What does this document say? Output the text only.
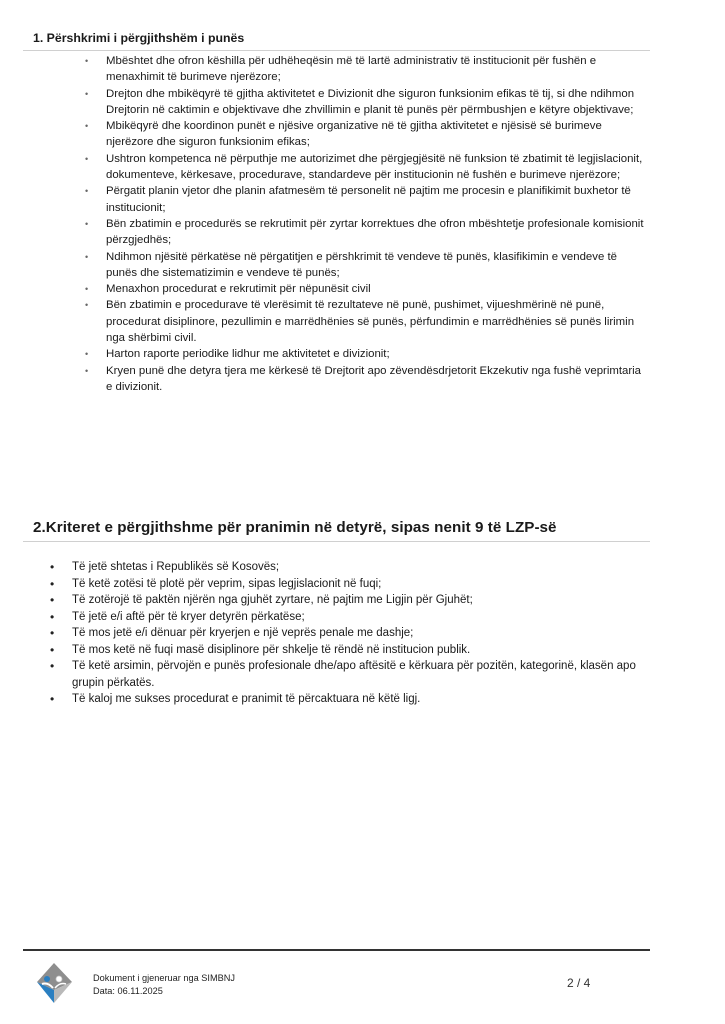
1. Përshkrimi i përgjithshëm i punës
• Mbështet dhe ofron këshilla për udhëheqësin më të lartë administrativ të institucionit për fushën e menaxhimit të burimeve njerëzore;
• Drejton dhe mbikëqyrë të gjitha aktivitetet e Divizionit dhe siguron funksionim efikas të tij, si dhe ndihmon Drejtorin në caktimin e objektivave dhe zhvillimin e planit të punës për përmbushjen e këtyre objektivave;
• Mbikëqyrë dhe koordinon punët e njësive organizative në të gjitha aktivitetet e njësisë së burimeve njerëzore dhe siguron funksionim efikas;
• Ushtron kompetenca në përputhje me autorizimet dhe përgjegjësitë në funksion të zbatimit të legjislacionit, dokumenteve, kërkesave, procedurave, standardeve për institucionin në fushën e burimeve njerëzore;
• Përgatit planin vjetor dhe planin afatmesëm të personelit në pajtim me procesin e planifikimit buxhetor të institucionit;
• Bën zbatimin e procedurës se rekrutimit për zyrtar korrektues dhe ofron mbështetje profesionale komisionit përzgjedhës;
• Ndihmon njësitë përkatëse në përgatitjen e përshkrimit të vendeve të punës, klasifikimin e vendeve të punës dhe sistematizimin e vendeve të punës;
• Menaxhon procedurat e rekrutimit për nëpunësit civil
• Bën zbatimin e procedurave të vlerësimit të rezultateve në punë, pushimet, vijueshmërinë në punë, procedurat disiplinore, pezullimin e marrëdhënies së punës, përfundimin e marrëdhënies së punës lirimin nga shërbimi civil.
• Harton raporte periodike lidhur me aktivitetet e divizionit;
• Kryen punë dhe detyra tjera me kërkesë të Drejtorit apo zëvendësdrjetorit Ekzekutiv nga fushë veprimtaria e divizionit.
2.Kriteret e përgjithshme për pranimin në detyrë, sipas nenit 9 të LZP-së
• Të jetë shtetas i Republikës së Kosovës;
• Të ketë zotësi të plotë për veprim, sipas legjislacionit në fuqi;
• Të zotërojë të paktën njërën nga gjuhët zyrtare, në pajtim me Ligjin për Gjuhët;
• Të jetë e/i aftë për të kryer detyrën përkatëse;
• Të mos jetë e/i dënuar për kryerjen e një veprës penale me dashje;
• Të mos ketë në fuqi masë disiplinore për shkelje të rëndë në institucion publik.
• Të ketë arsimin, përvojën e punës profesionale dhe/apo aftësitë e kërkuara për pozitën, kategorinë, klasën apo grupin përkatës.
• Të kaloj me sukses procedurat e pranimit të përcaktuara në këtë ligj.
Dokument i gjeneruar nga SIMBNJ
Data: 06.11.2025
2 / 4
